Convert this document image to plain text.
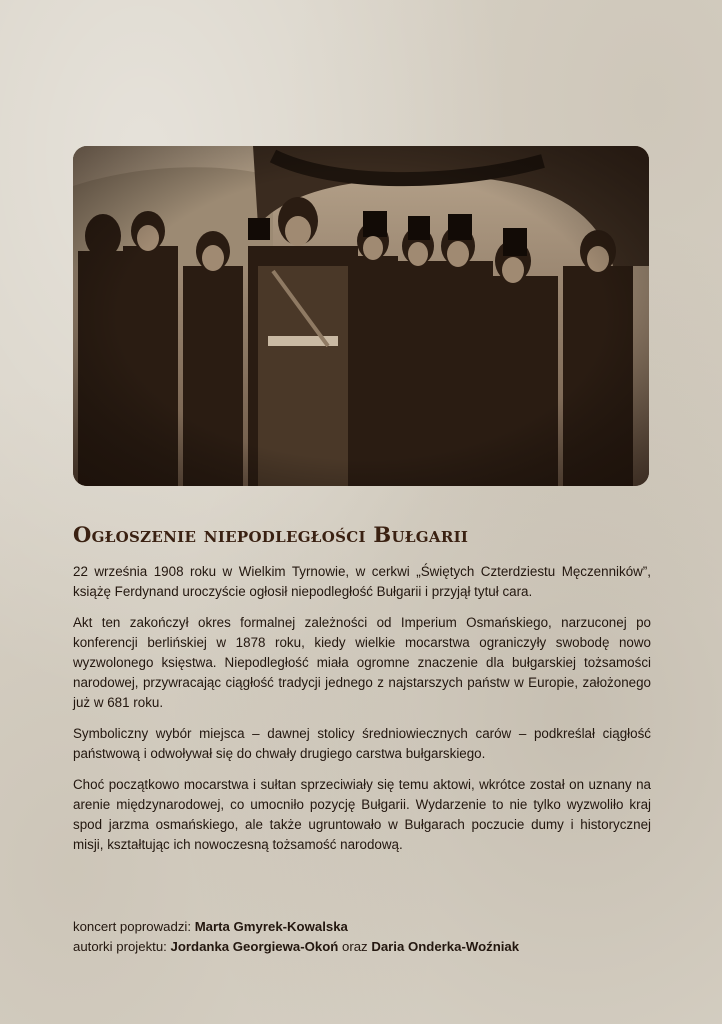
Ogłoszenie niepodległości Bułgarii

22 września 1908 roku w Wielkim Tyrnowie, w cerkwi „Świętych Czterdziestu Męczenników”, książę Ferdynand uroczyście ogłosił niepodległość Bułgarii i przyjął tytuł cara.

Akt ten zakończył okres formalnej zależności od Imperium Osmańskiego, narzuconej po konferencji berlińskiej w 1878 roku, kiedy wielkie mocarstwa ograniczyły swobodę nowo wyzwolonego księstwa. Niepodległość miała ogromne znaczenie dla bułgarskiej tożsamości narodowej, przywracając ciągłość tradycji jednego z najstarszych państw w Europie, założonego już w 681 roku.

Symboliczny wybór miejsca – dawnej stolicy średniowiecznych carów – podkreślał ciągłość państwową i odwoływał się do chwały drugiego carstwa bułgarskiego.

Choć początkowo mocarstwa i sułtan sprzeciwiały się temu aktowi, wkrótce został on uznany na arenie międzynarodowej, co umocniło pozycję Bułgarii. Wydarzenie to nie tylko wyzwoliło kraj spod jarzma osmańskiego, ale także ugruntowało w Bułgarach poczucie dumy i historycznej misji, kształtując ich nowoczesną tożsamość narodową.

koncert poprowadzi: Marta Gmyrek-Kowalska
autorki projektu: Jordanka Georgiewa-Okoń oraz Daria Onderka-Woźniak
